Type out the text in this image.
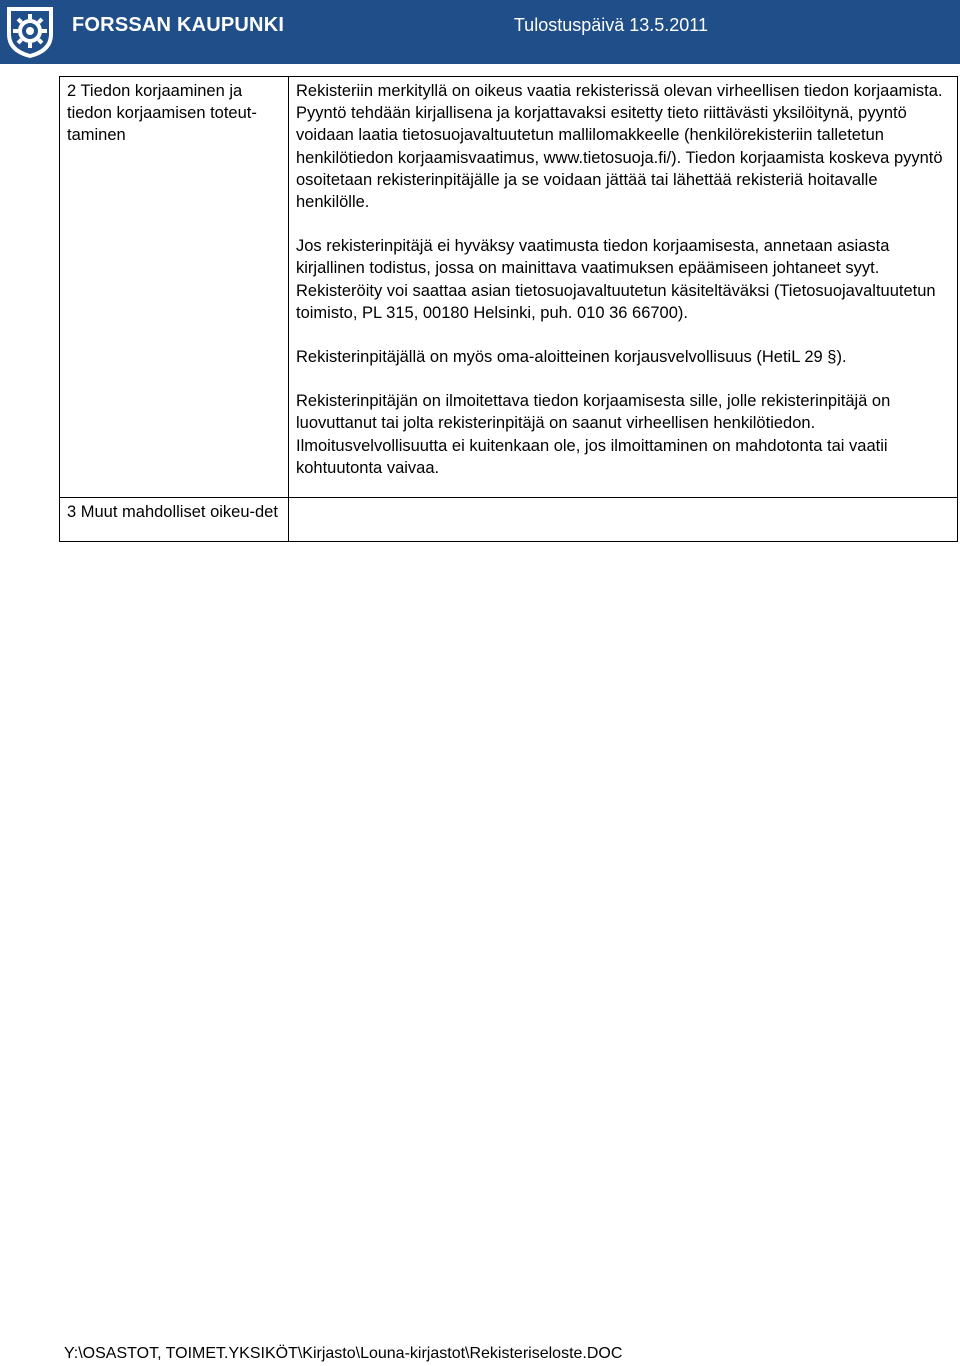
FORSSAN KAUPUNKI	Tulostuspäivä 13.5.2011
2 Tiedon korjaaminen ja tiedon korjaamisen toteut-taminen	Rekisteriin merkityllä on oikeus vaatia rekisterissä olevan virheellisen tiedon korjaamista. Pyyntö tehdään kirjallisena ja korjattavaksi esitetty tieto riittävästi yksilöitynä, pyyntö voidaan laatia tietosuojavaltuutetun mallilomakkeelle (henkilörekisteriin talletetun henkilötiedon korjaamisvaatimus, www.tietosuoja.fi/). Tiedon korjaamista koskeva pyyntö osoitetaan rekisterinpitäjälle ja se voidaan jättää tai lähettää rekisteriä hoitavalle henkilölle.

Jos rekisterinpitäjä ei hyväksy vaatimusta tiedon korjaamisesta, annetaan asiasta kirjallinen todistus, jossa on mainittava vaatimuksen epäämiseen johtaneet syyt. Rekisteröity voi saattaa asian tietosuojavaltuutetun käsiteltäväksi (Tietosuojavaltuutetun toimisto, PL 315, 00180 Helsinki, puh. 010 36 66700).

Rekisterinpitäjällä on myös oma-aloitteinen korjausvelvollisuus (HetiL 29 §).

Rekisterinpitäjän on ilmoitettava tiedon korjaamisesta sille, jolle rekisterinpitäjä on luovuttanut tai jolta rekisterinpitäjä on saanut virheellisen henkilötiedon. Ilmoitusvelvollisuutta ei kuitenkaan ole, jos ilmoittaminen on mahdotonta tai vaatii kohtuutonta vaivaa.

3 Muut mahdolliset oikeu-det	
Y:\OSASTOT, TOIMET.YKSIKÖT\Kirjasto\Louna-kirjastot\Rekisteriseloste.DOC
